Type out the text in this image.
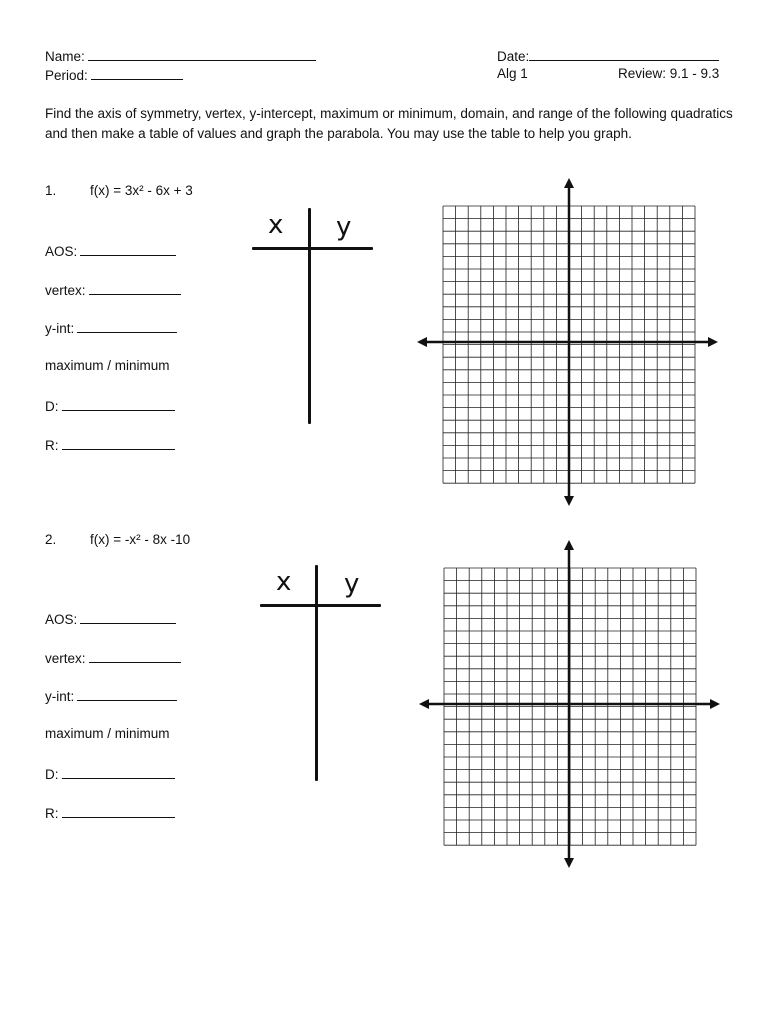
Name:
Period:
Date:
Alg 1	Review: 9.1 - 9.3
Find the axis of symmetry, vertex, y-intercept, maximum or minimum, domain, and range of the following quadratics and then make a table of values and graph the parabola. You may use the table to help you graph.
1. f(x) = 3x² - 6x + 3
AOS:
vertex:
y-int:
maximum / minimum
D:
R:
x y
2. f(x) = -x² - 8x -10
AOS:
vertex:
y-int:
maximum / minimum
D:
R:
x y
